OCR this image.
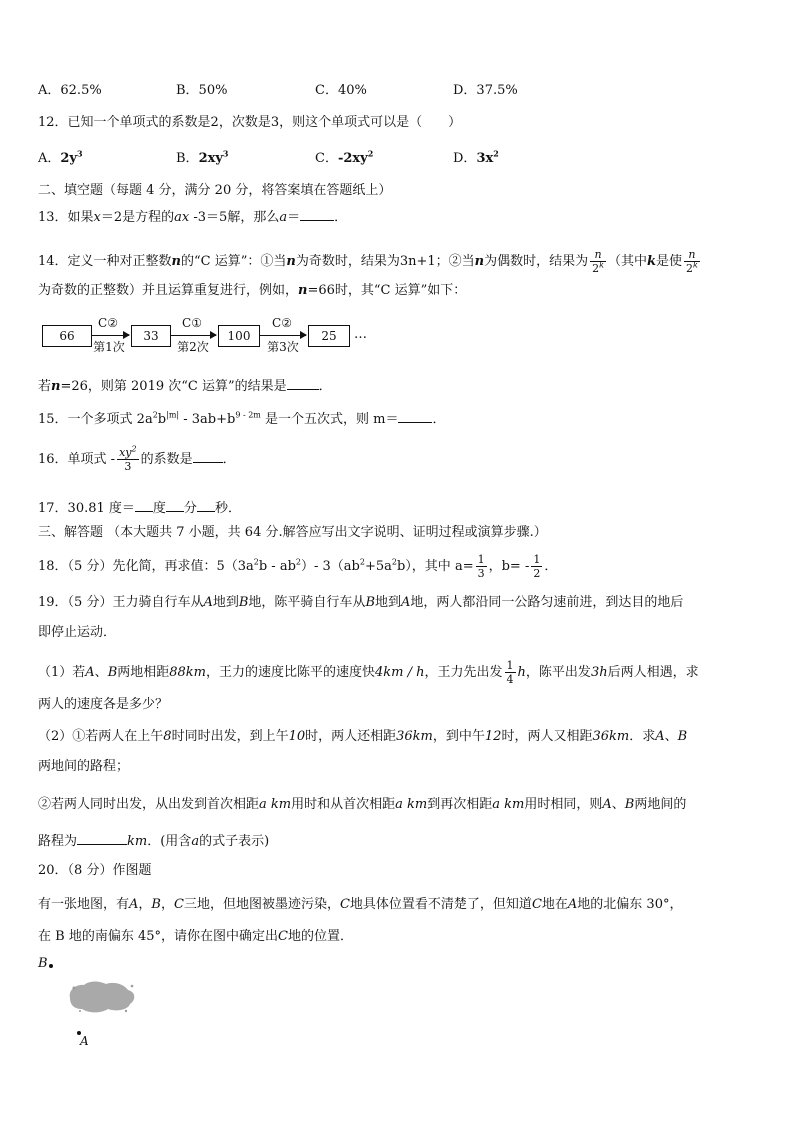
A．62.5%	B．50%	C．40%	D．37.5%
12．已知一个单项式的系数是2，次数是3，则这个单项式可以是（　　）
A．$2y^3$	B．$2xy^3$	C．$-2xy^2$	D．$3x^2$
二、填空题（每题 4 分，满分 20 分，将答案填在答题纸上）
13．如果x＝2是方程的ax -3＝5解，那么a＝	．
14．定义一种对正整数n的“C 运算”：①当n为奇数时，结果为3n+1；②当n为偶数时，结果为 $\frac{n}{2^k}$ （其中k是使 $\frac{n}{2^k}$
为奇数的正整数）并且运算重复进行，例如，n=66时，其“C 运算”如下：
66
C②
第1次
33
C①
第2次
100
C②
第3次
25	…
若n=26，则第 2019 次“C 运算”的结果是 ．
15．一个多项式 $2a^2b^{|m|} - 3ab+b^{9 - 2m}$ 是一个五次式，则 m＝	．
16．单项式 - $\frac{xy^2}{3}$ 的系数是 ．
17．30.81 度＝ 度 分 秒．
三、解答题 （本大题共 7 小题，共 64 分.解答应写出文字说明、证明过程或演算步骤.）
18．（5 分）先化简，再求值：$5(3a^2b - ab^2)-$ $3(ab^2+5a^2b)$，其中 $a= \frac{1}{3}$ ，$b= - \frac{1}{2}$ ．
19．（5 分）王力骑自行车从A地到B地，陈平骑自行车从B地到A地，两人都沿同一公路匀速前进，到达目的地后
即停止运动．
（1）若A、B两地相距88km，王力的速度比陈平的速度快4km / h，王力先出发 $\frac{1}{4}$ h，陈平出发3h后两人相遇，求
两人的速度各是多少？
（2）①若两人在上午8时同时出发，到上午10时，两人还相距36km，到中午12时，两人又相距36km．求A、B
两地间的路程；
②若两人同时出发，从出发到首次相距a km用时和从首次相距a km到再次相距a km用时相同，则A、B两地间的
路程为	km．(用含a的式子表示)
20．（8 分）作图题
有一张地图，有A，B，C三地，但地图被墨迹污染，C地具体位置看不清楚了，但知道C地在A地的北偏东 30°，
在 B 地的南偏东 45°，请你在图中确定出C地的位置．
B
A
